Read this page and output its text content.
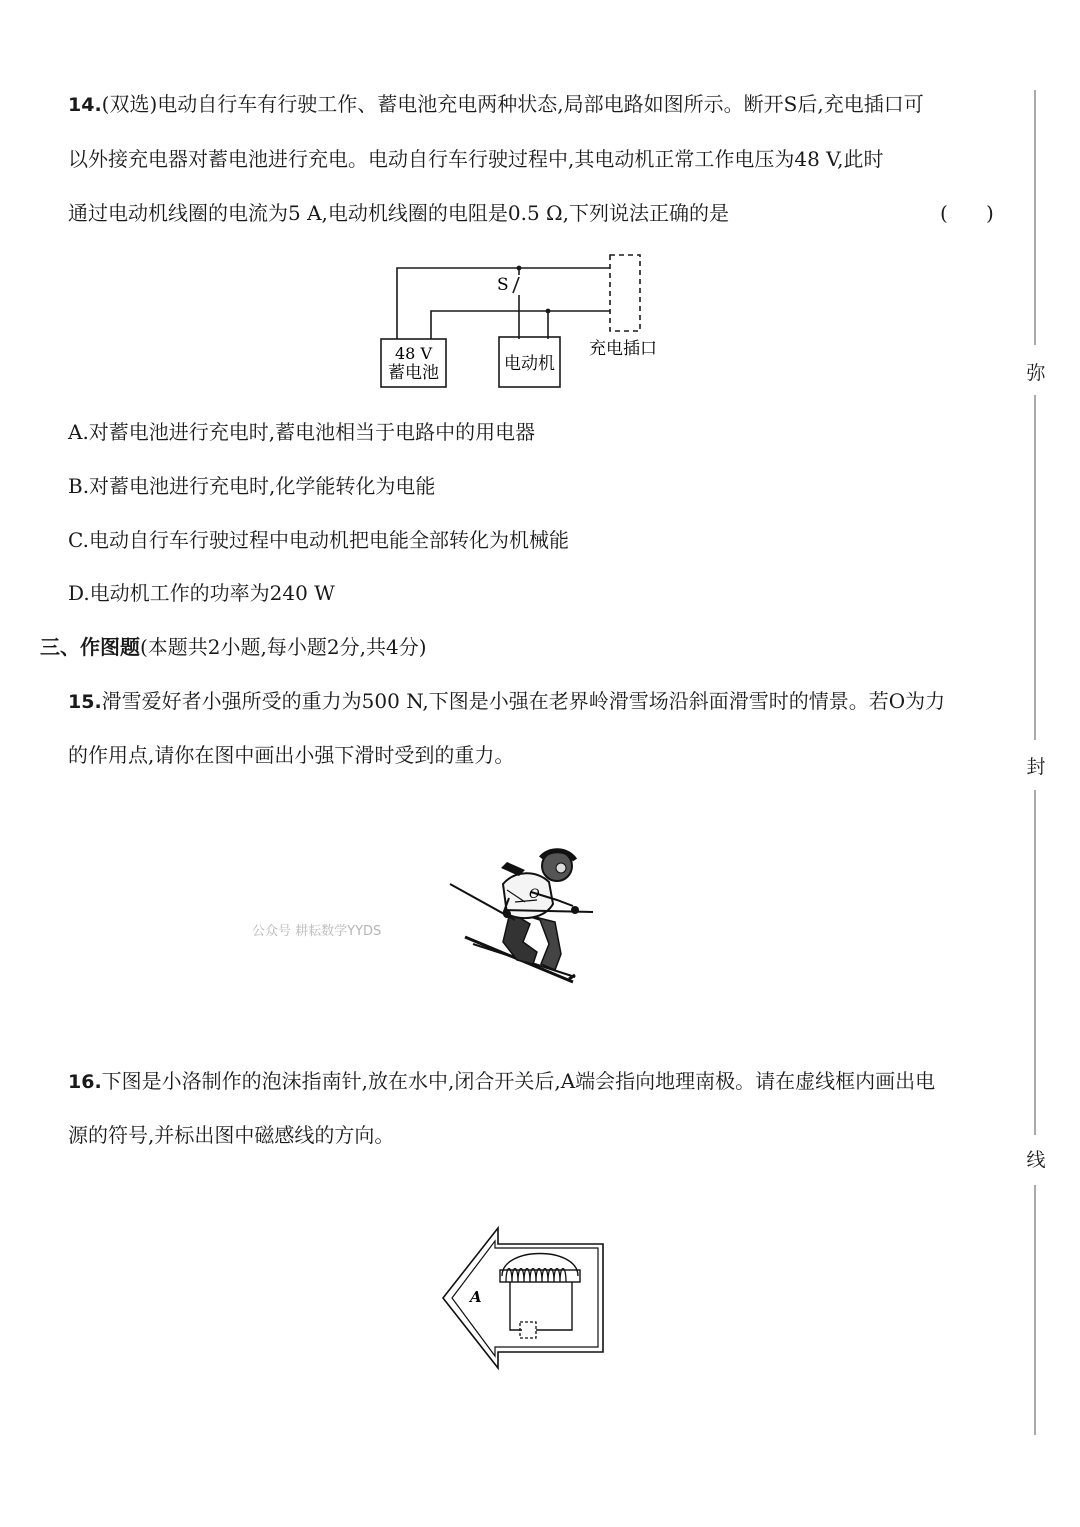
14.(双选)电动自行车有行驶工作、蓄电池充电两种状态,局部电路如图所示。断开S后,充电插口可
以外接充电器对蓄电池进行充电。电动自行车行驶过程中,其电动机正常工作电压为48 V,此时
通过电动机线圈的电流为5 A,电动机线圈的电阻是0.5 Ω,下列说法正确的是	(      )
S
48 V
蓄电池	电动机
充电插口
A.对蓄电池进行充电时,蓄电池相当于电路中的用电器
B.对蓄电池进行充电时,化学能转化为电能
C.电动自行车行驶过程中电动机把电能全部转化为机械能
D.电动机工作的功率为240 W
三、作图题(本题共2小题,每小题2分,共4分)
15.滑雪爱好者小强所受的重力为500 N,下图是小强在老界岭滑雪场沿斜面滑雪时的情景。若O为力
的作用点,请你在图中画出小强下滑时受到的重力。
O
公众号 耕耘数学YYDS
16.下图是小洛制作的泡沫指南针,放在水中,闭合开关后,A端会指向地理南极。请在虚线框内画出电
源的符号,并标出图中磁感线的方向。
A
弥
封
线
